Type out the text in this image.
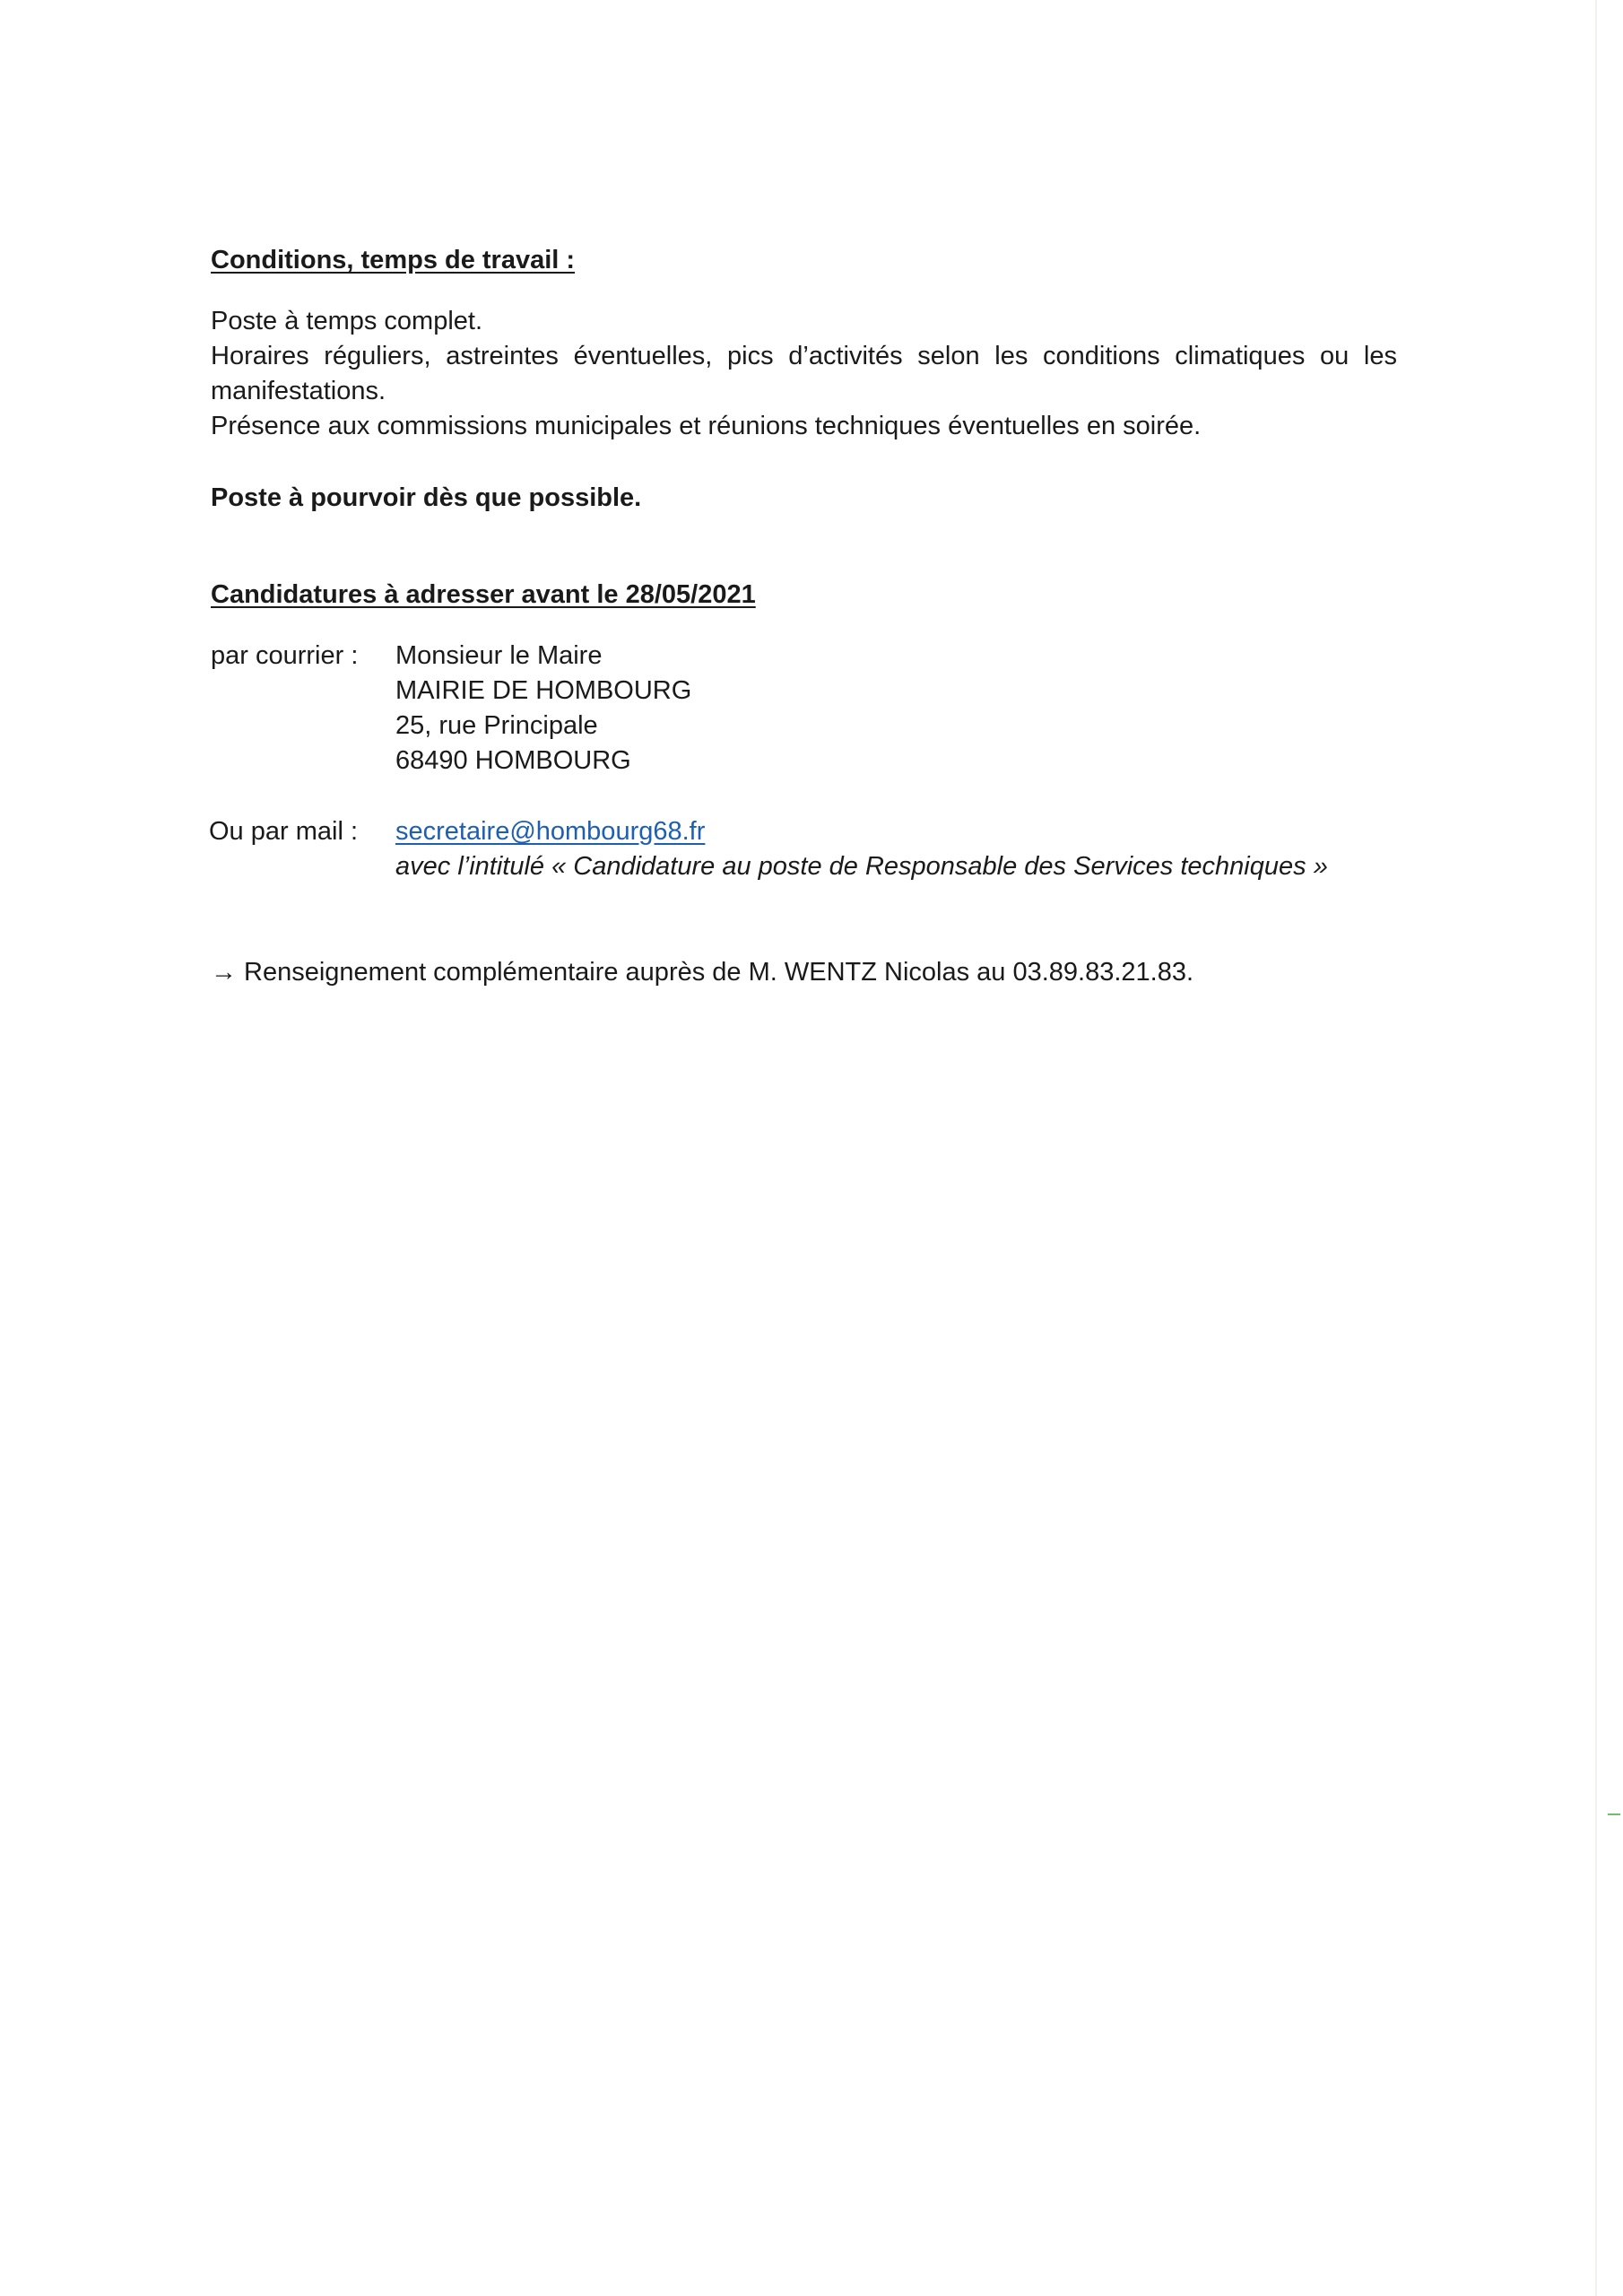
Conditions, temps de travail :
Poste à temps complet.
Horaires réguliers, astreintes éventuelles, pics d’activités selon les conditions climatiques ou les manifestations.
Présence aux commissions municipales et réunions techniques éventuelles en soirée.
Poste à pourvoir dès que possible.
Candidatures à adresser avant le 28/05/2021
par courrier : Monsieur le Maire
MAIRIE DE HOMBOURG
25, rue Principale
68490 HOMBOURG
Ou par mail : secretaire@hombourg68.fr
avec l’intitulé « Candidature au poste de Responsable des Services techniques »
→ Renseignement complémentaire auprès de M. WENTZ Nicolas au 03.89.83.21.83.
